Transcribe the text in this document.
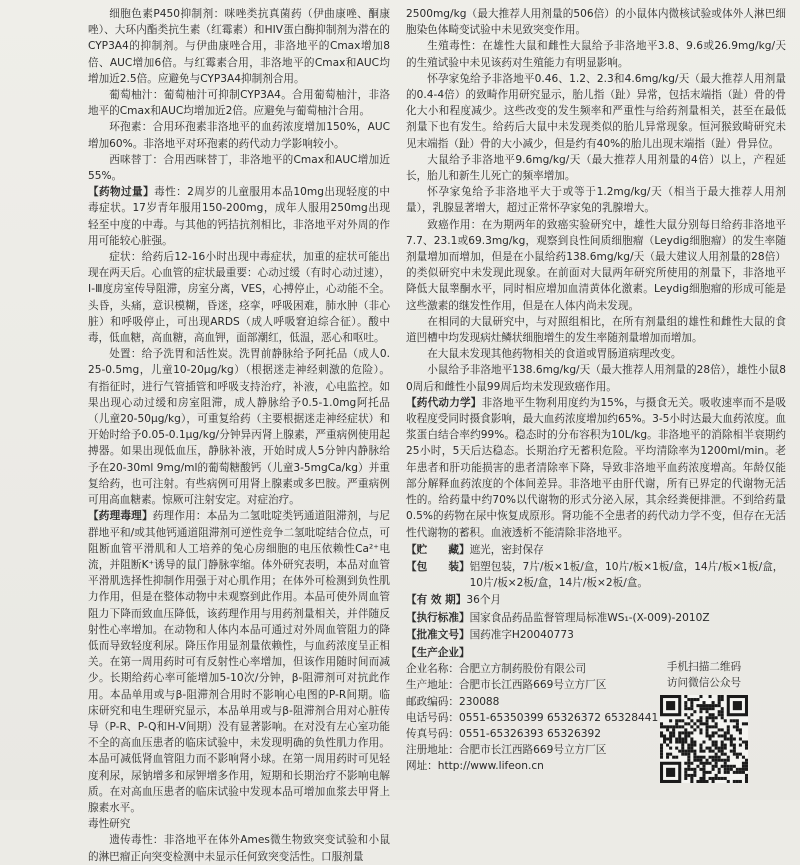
细胞色素P450抑制剂：咪唑类抗真菌药（伊曲康唑、酮康唑）、大环内酯类抗生素（红霉素）和HIV蛋白酶抑制剂为潜在的CYP3A4的抑制剂。与伊曲康唑合用，非洛地平的Cmax增加8倍、AUC增加6倍。与红霉素合用，非洛地平的Cmax和AUC均增加近2.5倍。应避免与CYP3A4抑制剂合用。

葡萄柚汁：葡萄柚汁可抑制CYP3A4。合用葡萄柚汁，非洛地平的Cmax和AUC均增加近2倍。应避免与葡萄柚汁合用。

环孢素：合用环孢素非洛地平的血药浓度增加150%，AUC增加60%。非洛地平对环孢素的药代动力学影响较小。

西咪替丁：合用西咪替丁，非洛地平的Cmax和AUC增加近55%。

【药物过量】毒性：2周岁的儿童服用本品10mg出现轻度的中毒症状。17岁青年服用150-200mg，成年人服用250mg出现轻至中度的中毒。与其他的钙拮抗剂相比，非洛地平对外周的作用可能较心脏强。

症状：给药后12-16小时出现中毒症状，加重的症状可能出现在两天后。心血管的症状最重要：心动过缓（有时心动过速），Ⅰ-Ⅲ度房室传导阻滞，房室分离，VES，心搏停止，心动能不全。头昏，头痛，意识模糊，昏迷，痉挛，呼吸困难，肺水肿（非心脏）和呼吸停止，可出现ARDS（成人呼吸窘迫综合征）。酸中毒，低血糖，高血糖，高血钾，面部潮红，低温，恶心和呕吐。

处置：给予洗胃和活性炭。洗胃前静脉给予阿托品（成人0.25-0.5mg，儿童10-20μg/kg）（根据迷走神经刺激的危险）。有指征时，进行气管插管和呼吸支持治疗，补液，心电监控。如果出现心动过缓和房室阻滞，成人静脉给予0.5-1.0mg阿托品（儿童20-50μg/kg），可重复给药（主要根据迷走神经症状）和开始时给予0.05-0.1μg/kg/分钟异丙肾上腺素，严重病例使用起搏器。如果出现低血压，静脉补液，开始时成人5分钟内静脉给予在20-30ml 9mg/ml的葡萄糖酸钙（儿童3-5mgCa/kg）并重复给药，也可注射。有些病例可用肾上腺素或多巴胺。严重病例可用高血糖素。惊厥可注射安定。对症治疗。

【药理毒理】药理作用：本品为二氢吡啶类钙通道阻滞剂，与尼群地平和/或其他钙通道阻滞剂可逆性竞争二氢吡啶结合位点，可阻断血管平滑肌和人工培养的兔心房细胞的电压依赖性Ca²⁺电流，并阻断K⁺诱导的鼠门静脉挛缩。体外研究表明，本品对血管平滑肌选择性抑制作用强于对心肌作用；在体外可检测到负性肌力作用，但是在整体动物中未观察到此作用。本品可使外周血管阻力下降而致血压降低，该药理作用与用药剂量相关，并伴随反射性心率增加。在动物和人体内本品可通过对外周血管阻力的降低而导致轻度利尿。降压作用显剂量依赖性，与血药浓度呈正相关。在第一周用药时可有反射性心率增加，但该作用随时间而减少。长期给药心率可能增加5-10次/分钟，β-阻滞剂可对抗此作用。本品单用或与β-阻滞剂合用时不影响心电图的P-R间期。临床研究和电生理研究显示，本品单用或与β-阻滞剂合用对心脏传导（P-R、P-Q和H-V间期）没有显著影响。在对没有左心室功能不全的高血压患者的临床试验中，未发现明确的负性肌力作用。本品可减低肾血管阻力而不影响肾小球。在第一周用药时可见轻度利尿，尿钠增多和尿钾增多作用，短期和长期治疗不影响电解质。在对高血压患者的临床试验中发现本品可增加血浆去甲肾上腺素水平。

毒性研究

遗传毒性：非洛地平在体外Ames微生物致突变试验和小鼠的淋巴瘤正向突变检测中未显示任何致突变活性。口服剂量

2500mg/kg（最大推荐人用剂量的506倍）的小鼠体内微核试验或体外人淋巴细胞染色体畸变试验中未见致突变作用。

生殖毒性：在雄性大鼠和雌性大鼠给予非洛地平3.8、9.6或26.9mg/kg/天的生殖试验中未见该药对生殖能力有明显影响。

怀孕家兔给予非洛地平0.46、1.2、2.3和4.6mg/kg/天（最大推荐人用剂量的0.4-4倍）的致畸作用研究显示，胎儿指（趾）异常，包括末端指（趾）骨的骨化大小和程度减少。这些改变的发生频率和严重性与给药剂量相关，甚至在最低剂量下也有发生。给药后大鼠中未发现类似的胎儿异常现象。恒河猴致畸研究未见末端指（趾）骨的大小减少，但是约有40%的胎儿出现末端指（趾）骨异位。

大鼠给予非洛地平9.6mg/kg/天（最大推荐人用剂量的4倍）以上，产程延长，胎儿和新生儿死亡的频率增加。

怀孕家兔给予非洛地平大于或等于1.2mg/kg/天（相当于最大推荐人用剂量），乳腺显著增大，超过正常怀孕家兔的乳腺增大。

致癌作用：在为期两年的致癌实验研究中，雄性大鼠分别每日给药非洛地平7.7、23.1或69.3mg/kg，观察到良性间质细胞瘤（Leydig细胞瘤）的发生率随剂量增加而增加，但是在小鼠给药138.6mg/kg/天（最大建议人用剂量的28倍）的类似研究中未发现此现象。在前面对大鼠两年研究所使用的剂量下，非洛地平降低大鼠睾酮水平，同时相应增加血清黄体化激素。Leydig细胞瘤的形成可能是这些激素的继发性作用，但是在人体内尚未发现。

在相同的大鼠研究中，与对照组相比，在所有剂量组的雄性和雌性大鼠的食道凹槽中均发现病灶鳞状细胞增生的发生率随剂量增加而增加。

在大鼠未发现其他药物相关的食道或胃肠道病理改变。

小鼠给予非洛地平138.6mg/kg/天（最大推荐人用剂量的28倍），雄性小鼠80周后和雌性小鼠99周后均未发现致癌作用。

【药代动力学】非洛地平生物利用度约为15%，与摄食无关。吸收速率而不是吸收程度受同时摄食影响，最大血药浓度增加约65%。3-5小时达最大血药浓度。血浆蛋白结合率约99%。稳态时的分布容积为10L/kg。非洛地平的消除相半衰期约25小时，5天后达稳态。长期治疗无蓄积危险。平均清除率为1200ml/min。老年患者和肝功能损害的患者清除率下降，导致非洛地平血药浓度增高。年龄仅能部分解释血药浓度的个体间差异。非洛地平由肝代谢，所有已界定的代谢物无活性的。给药量中约70%以代谢物的形式分泌入尿，其余经粪便排泄。不到给药量0.5%的药物在尿中恢复成原形。肾功能不全患者的药代动力学不变，但存在无活性代谢物的蓄积。血液透析不能清除非洛地平。

【贮　　藏】 遮光，密封保存
【包　　装】 铝塑包装，7片/板×1板/盒，10片/板×1板/盒，14片/板×1板/盒，10片/板×2板/盒，14片/板×2板/盒。
【有 效 期】 36个月
【执行标准】 国家食品药品监督管理局标准WS₁-(X-009)-2010Z
【批准文号】 国药准字H20040773
【生产企业】
企业名称：合肥立方制药股份有限公司
生产地址：合肥市长江西路669号立方厂区
邮政编码：230088
电话号码：0551-65350399 65326372 65328441
传真号码：0551-65326393 65326392
注册地址：合肥市长江西路669号立方厂区
网址：http://www.lifeon.cn
手机扫描二维码
访问微信公众号
